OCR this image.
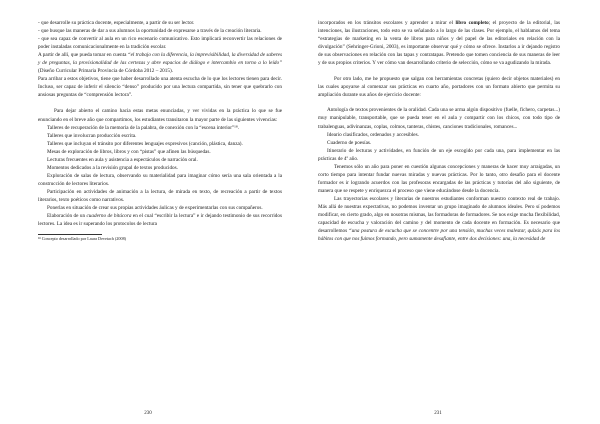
- que desarrolle su práctica docente, especialmente, a partir de su ser lector.

- que busque las maneras de dar a sus alumnos la oportunidad de expresarse a través de la creación literaria.

- que sea capaz de convertir al aula en un rico escenario comunicativo. Esto implicará reconvertir las relaciones de poder instaladas comunicacionalmente en la tradición escolar.

A partir de allí, que pueda tomar en cuenta “el trabajo con la diferencia, la imprevisibilidad, la diversidad de saberes y de preguntas, la provisionalidad de las certezas y abre espacios de diálogo e intercambio en torno a lo leído” (Diseño Curricular Primaria Provincia de Córdoba 2012 – 2015).

Para arribar a estos objetivos, tiene que haber desarrollado una atenta escucha de lo que los lectores tienen para decir. Incluso, ser capaz de inferir el silencio “denso” producido por una lectura compartida, sin tener que quebrarlo con ansiosas preguntas de “comprensión lectora”.

Para dejar abierto el camino hacia estas metas enunciadas, y ver vividas en la práctica lo que se fue enunciando en el breve año que compartimos, los estudiantes transitaron la mayor parte de las siguientes vivencias:

Talleres de recuperación de la memoria de la palabra, de conexión con la “escena interior”¹⁸.

Talleres que involucran producción escrita.

Talleres que incluyan el tránsito por diferentes lenguajes expresivos (canción, plástica, danza).

Mesas de exploración de libros, libros y con “pistas” que afinen las búsquedas.

Lecturas frecuentes en aula y asistencia a espectáculos de narración oral.

Momentos dedicados a la revisión grupal de textos producidos.

Exploración de salas de lectura, observando su materialidad para imaginar cómo sería una sala orientada a la construcción de lectores literarios.

Participación en actividades de animación a la lectura, de mirada en texto, de recreación a partir de textos literarios, texto poéticos como narrativos.

Ponerlas en situación de crear sus propias actividades áulicas y de experimentarlas con sus compañeros.

Elaboración de un cuaderno de bitácora en el cual “escribir la lectura” e ir dejando testimonio de sus recorridos lectores. La idea es ir superando los protocolos de lectura

¹⁸ Concepto desarrollado por Laura Devetach (2008)

230

incorporados en los tránsitos escolares y aprender a mirar el libro completo; el proyecto de la editorial, las intenciones, las ilustraciones, todo esto se va señalando a lo largo de las clases. Por ejemplo, el hablamos del tema “estrategias de marketing en la venta de libros para niños y del papel de las editoriales en relación con la divulgación” (Sehringer-Grioni, 2003), es importante observar qué y cómo se ofrece. Instarlos a ir dejando registro de sus observaciones en relación con las tapas y contratapas. Pretendo que tomen conciencia de sus maneras de leer y de sus propios criterios. Y ver cómo van desarrollando criterio de selección, cómo se va agudizando la mirada.

Por otro lado, me he propuesto que salgan con herramientas concretas (quiero decir objetos materiales) en las cuales apoyarse al comenzar sus prácticas en cuarto año, portadores con un formato abierto que permita su ampliación durante sus años de ejercicio docente:

Antología de textos provenientes de la oralidad. Cada una se arma algún dispositivo (fuelle, fichero, carpetas...) muy manipulable, transportable, que se pueda tener en el aula y compartir con los chicos, con todo tipo de trabalenguas, adivinanzas, coplas, colmos, tanteras, chistes, canciones tradicionales, romances...

Ideario clasificados, ordenados y accesibles.

Cuaderno de poesías.

Itinerario de lecturas y actividades, en función de un eje escogido por cada una, para implementar en las prácticas de 4º año.

Tenemos sólo un año para poner en cuestión algunas concepciones y maneras de hacer muy arraigadas, un corto tiempo para intentar fundar nuevas miradas y nuevas prácticas. Por lo tanto, otro desafío para el docente formador es ir logrando acuerdos con las profesoras encargadas de las prácticas y tutorías del año siguiente, de manera que se respete y enriquezca el proceso que viene educándose desde la docencia.

Las trayectorias escolares y literarias de nuestros estudiantes conforman nuestro contexto real de trabajo. Más allá de nuestras expectativas, no podemos inventar un grupo imaginado de alumnos ideales. Pero sí podemos modificar, en cierto grado, algo en nosotras mismas, las formadoras de formadores. Se nos exige mucha flexibilidad, capacidad de escucha y valoración del camino y del momento de cada docente en formación. Es necesario que desarrollemos “una postura de escucha que se concentre por una tensión, muchas veces malestar, quizás para los hábitos con que nos fuimos formando, pero sumamente desafiante, entre dos decisiones: una, la necesidad de

231
